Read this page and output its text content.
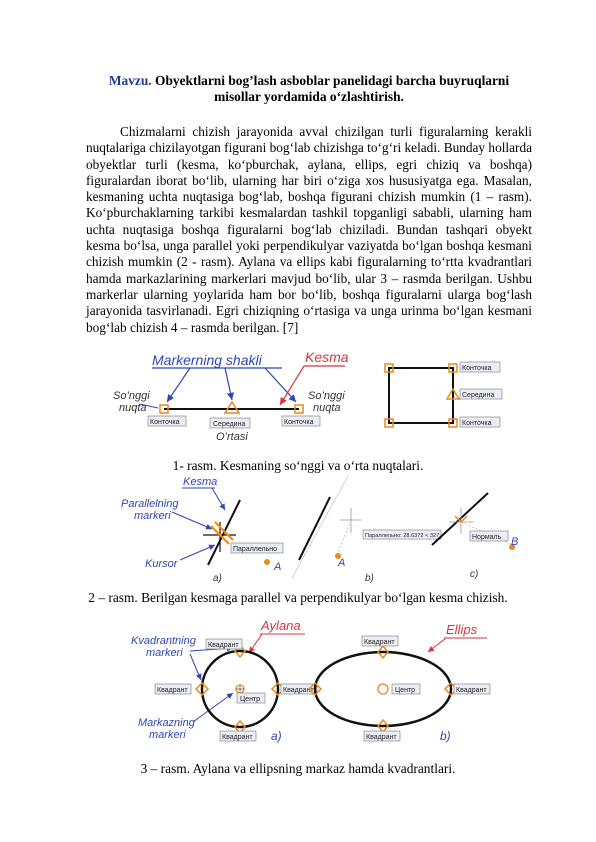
Mavzu. Obyektlarni bog’lash asboblar panelidagi barcha buyruqlarni misollar yordamida o‘zlashtirish.

Chizmalarni chizish jarayonida avval chizilgan turli figuralarning kerakli nuqtalariga chizilayotgan figurani bog‘lab chizishga to‘g‘ri keladi. Bunday hollarda obyektlar turli (kesma, ko‘pburchak, aylana, ellips, egri chiziq va boshqa) figuralardan iborat bo‘lib, ularning har biri o‘ziga xos hususiyatga ega. Masalan, kesmaning uchta nuqtasiga bog‘lab, boshqa figurani chizish mumkin (1 – rasm). Ko‘pburchaklarning tarkibi kesmalardan tashkil topganligi sababli, ularning ham uchta nuqtasiga boshqa figuralarni bog‘lab chiziladi. Bundan tashqari obyekt kesma bo‘lsa, unga parallel yoki perpendikulyar vaziyatda bo‘lgan boshqa kesmani chizish mumkin (2 - rasm). Aylana va ellips kabi figuralarning to‘rtta kvadrantlari hamda markazlarining markerlari mavjud bo‘lib, ular 3 – rasmda berilgan. Ushbu markerlar ularning yoylarida ham bor bo‘lib, boshqa figuralarni ularga bog‘lash jarayonida tasvirlanadi. Egri chiziqning o‘rtasiga va unga urinma bo‘lgan kesmani bog‘lab chizish 4 – rasmda berilgan. [7]

Markerning shakli	Kesma
So’nggi
nuqta
So’nggi
nuqta
Конточка	Середина	Конточка
O’rtasi
Конточка
Середина
Конточка
1- rasm. Kesmaning so‘nggi va o‘rta nuqtalari.
Kesma
Parallelning
markeri
Kursor
Параллельно
A
a)
Параллельно: 28.6372 < 327
A
b)
Нормаль B
c)
2 – rasm. Berilgan kesmaga parallel va perpendikulyar bo‘lgan kesma chizish.
Aylana	Ellips
Kvadrantning
markeri
Markazning
markeri
Квадрант
Квадрант	Квадрант
Центр
Квадрант a)
Квадрант
Центр	Квадрант
Квадрант	b)
3 – rasm. Aylana va ellipsning markaz hamda kvadrantlari.
